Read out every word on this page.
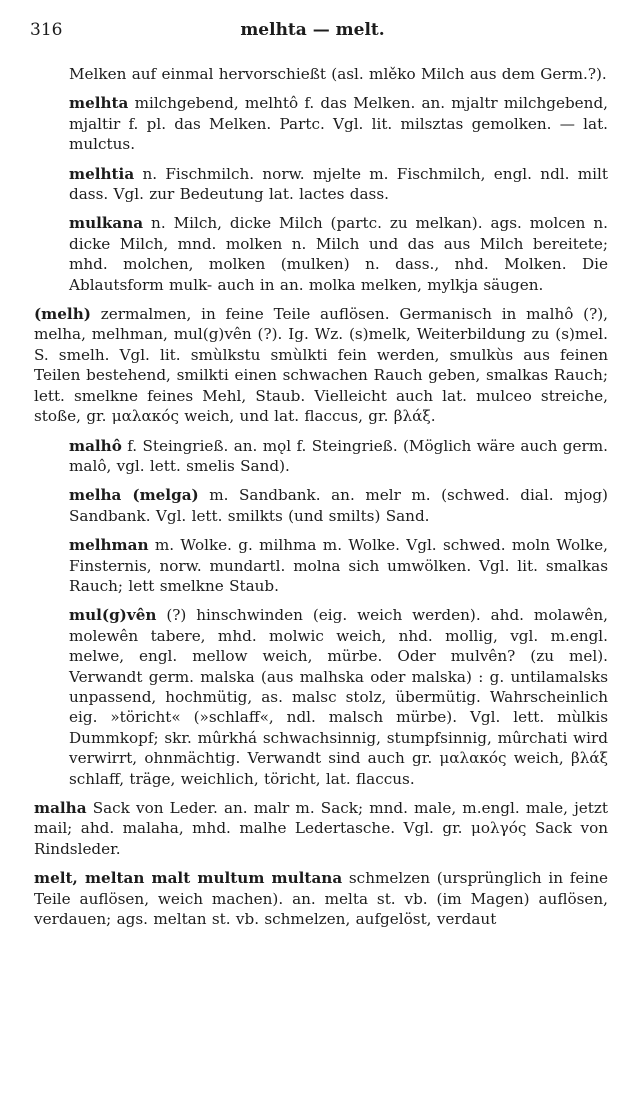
316	melhta — melt.
Melken auf einmal hervorschießt (asl. mlěko Milch aus dem Germ.?).
melhta milchgebend, melhtô f. das Melken. an. mjaltr milchgebend, mjaltir f. pl. das Melken. Partc. Vgl. lit. milsztas gemolken. — lat. mulctus.
melhtia n. Fischmilch. norw. mjelte m. Fischmilch, engl. ndl. milt dass. Vgl. zur Bedeutung lat. lactes dass.
mulkana n. Milch, dicke Milch (partc. zu melkan). ags. molcen n. dicke Milch, mnd. molken n. Milch und das aus Milch bereitete; mhd. molchen, molken (mulken) n. dass., nhd. Molken. Die Ablautsform mulk- auch in an. molka melken, mylkja säugen.
(melh) zermalmen, in feine Teile auflösen. Germanisch in malhô (?), melha, melhman, mul(g)vên (?). Ig. Wz. (s)melk, Weiterbildung zu (s)mel. S. smelh. Vgl. lit. smùlkstu smùlkti fein werden, smulkùs aus feinen Teilen bestehend, smilkti einen schwachen Rauch geben, smalkas Rauch; lett. smelkne feines Mehl, Staub. Vielleicht auch lat. mulceo streiche, stoße, gr. μαλακός weich, und lat. flaccus, gr. βλάξ.
malhô f. Steingrieß. an. mǫl f. Steingrieß. (Möglich wäre auch germ. malô, vgl. lett. smelis Sand).
melha (melga) m. Sandbank. an. melr m. (schwed. dial. mjog) Sandbank. Vgl. lett. smilkts (und smilts) Sand.
melhman m. Wolke. g. milhma m. Wolke. Vgl. schwed. moln Wolke, Finsternis, norw. mundartl. molna sich umwölken. Vgl. lit. smalkas Rauch; lett smelkne Staub.
mul(g)vên (?) hinschwinden (eig. weich werden). ahd. molawên, molewên tabere, mhd. molwic weich, nhd. mollig, vgl. m.engl. melwe, engl. mellow weich, mürbe. Oder mulvên? (zu mel). Verwandt germ. malska (aus malhska oder malska) : g. untilamalsks unpassend, hochmütig, as. malsc stolz, übermütig. Wahrscheinlich eig. »töricht« (»schlaff«, ndl. malsch mürbe). Vgl. lett. mùlkis Dummkopf; skr. mûrkhá schwachsinnig, stumpfsinnig, mûrchati wird verwirrt, ohnmächtig. Verwandt sind auch gr. μαλακός weich, βλάξ schlaff, träge, weichlich, töricht, lat. flaccus.
malha Sack von Leder. an. malr m. Sack; mnd. male, m.engl. male, jetzt mail; ahd. malaha, mhd. malhe Ledertasche. Vgl. gr. μολγός Sack von Rindsleder.
melt, meltan malt multum multana schmelzen (ursprünglich in feine Teile auflösen, weich machen). an. melta st. vb. (im Magen) auflösen, verdauen; ags. meltan st. vb. schmelzen, aufgelöst, verdaut
